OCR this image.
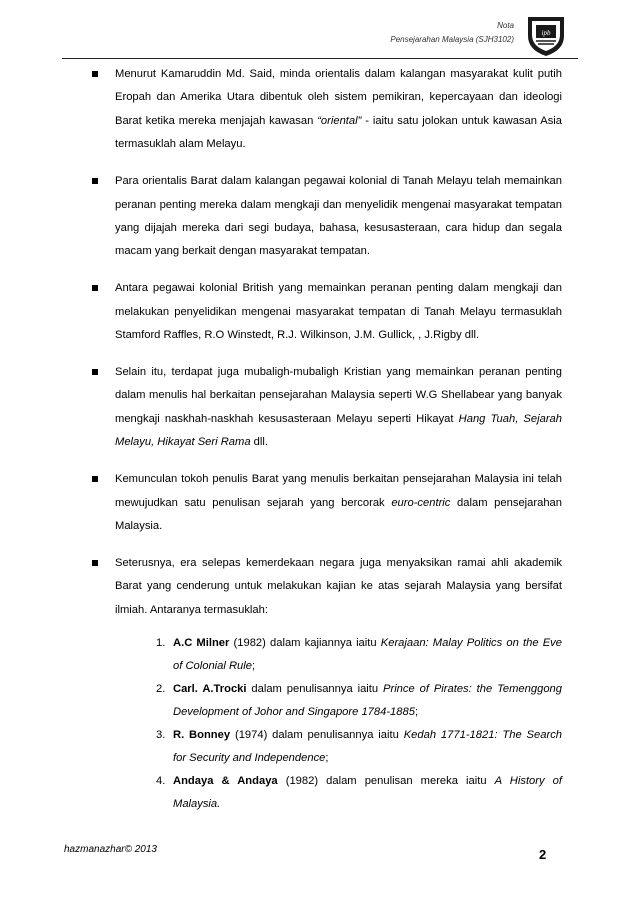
Nota
Pensejarahan Malaysia (SJH3102)
ipb
Menurut Kamaruddin Md. Said, minda orientalis dalam kalangan masyarakat kulit putih Eropah dan Amerika Utara dibentuk oleh sistem pemikiran, kepercayaan dan ideologi Barat ketika mereka menjajah kawasan “oriental” - iaitu satu jolokan untuk kawasan Asia termasuklah alam Melayu.
Para orientalis Barat dalam kalangan pegawai kolonial di Tanah Melayu telah memainkan peranan penting mereka dalam mengkaji dan menyelidik mengenai masyarakat tempatan yang dijajah mereka dari segi budaya, bahasa, kesusasteraan, cara hidup dan segala macam yang berkait dengan masyarakat tempatan.
Antara pegawai kolonial British yang memainkan peranan penting dalam mengkaji dan melakukan penyelidikan mengenai masyarakat tempatan di Tanah Melayu termasuklah Stamford Raffles, R.O Winstedt, R.J. Wilkinson, J.M. Gullick, , J.Rigby dll.
Selain itu, terdapat juga mubaligh-mubaligh Kristian yang memainkan peranan penting dalam menulis hal berkaitan pensejarahan Malaysia seperti W.G Shellabear yang banyak mengkaji naskhah-naskhah kesusasteraan Melayu seperti Hikayat Hang Tuah, Sejarah Melayu, Hikayat Seri Rama dll.
Kemunculan tokoh penulis Barat yang menulis berkaitan pensejarahan Malaysia ini telah mewujudkan satu penulisan sejarah yang bercorak euro-centric dalam pensejarahan Malaysia.
Seterusnya, era selepas kemerdekaan negara juga menyaksikan ramai ahli akademik Barat yang cenderung untuk melakukan kajian ke atas sejarah Malaysia yang bersifat ilmiah. Antaranya termasuklah:
1. A.C Milner (1982) dalam kajiannya iaitu Kerajaan: Malay Politics on the Eve of Colonial Rule;
2. Carl. A.Trocki dalam penulisannya iaitu Prince of Pirates: the Temenggong Development of Johor and Singapore 1784-1885;
3. R. Bonney (1974) dalam penulisannya iaitu Kedah 1771-1821: The Search for Security and Independence;
4. Andaya & Andaya (1982) dalam penulisan mereka iaitu A History of Malaysia.
hazmanazhar© 2013	2
